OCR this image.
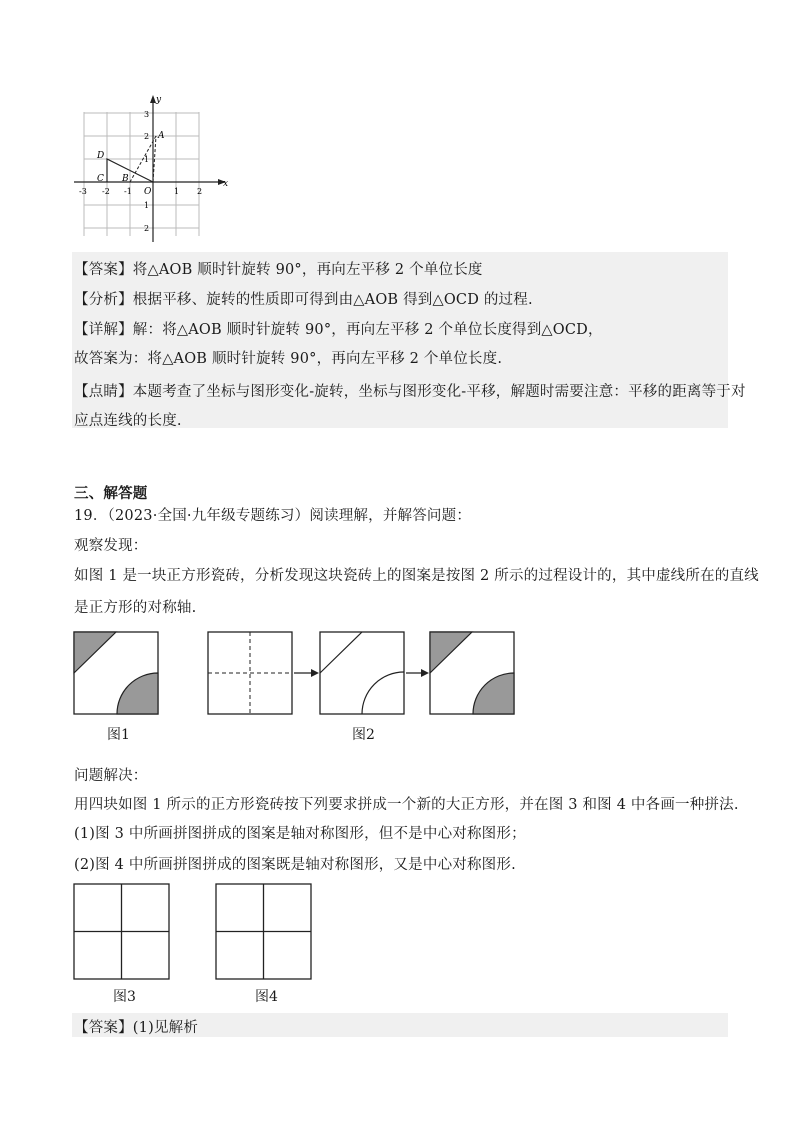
y
x
-3 -2 -1	1 2
3
2
1
1
2
O
A
B
C
D
【答案】将△AOB 顺时针旋转 90°，再向左平移 2 个单位长度
【分析】根据平移、旋转的性质即可得到由△AOB 得到△OCD 的过程.
【详解】解：将△AOB 顺时针旋转 90°，再向左平移 2 个单位长度得到△OCD，
故答案为：将△AOB 顺时针旋转 90°，再向左平移 2 个单位长度.
【点睛】本题考查了坐标与图形变化-旋转，坐标与图形变化-平移，解题时需要注意：平移的距离等于对
应点连线的长度.
三、解答题
19．（2023·全国·九年级专题练习）阅读理解，并解答问题：
观察发现：
如图 1 是一块正方形瓷砖，分析发现这块瓷砖上的图案是按图 2 所示的过程设计的，其中虚线所在的直线
是正方形的对称轴.
图1	图2
问题解决：
用四块如图 1 所示的正方形瓷砖按下列要求拼成一个新的大正方形，并在图 3 和图 4 中各画一种拼法.
(1)图 3 中所画拼图拼成的图案是轴对称图形，但不是中心对称图形；
(2)图 4 中所画拼图拼成的图案既是轴对称图形，又是中心对称图形.
图3	图4
【答案】(1)见解析
